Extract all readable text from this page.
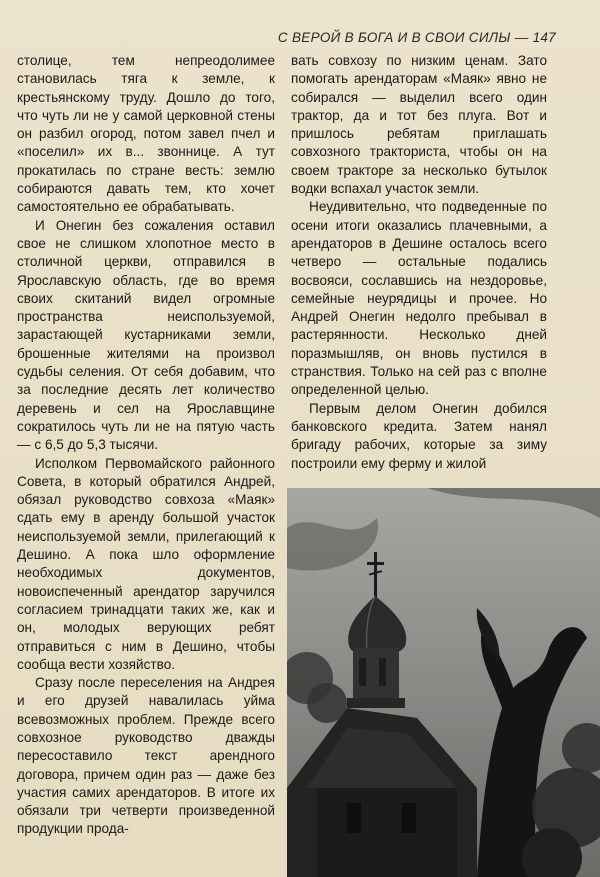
С ВЕРОЙ В БОГА И В СВОИ СИЛЫ — 147

столице, тем непреодолимее становилась тяга к земле, к крестьянскому труду. Дошло до того, что чуть ли не у самой церковной стены он разбил огород, потом завел пчел и «поселил» их в... звоннице. А тут прокатилась по стране весть: землю собираются давать тем, кто хочет самостоятельно ее обрабатывать.

И Онегин без сожаления оставил свое не слишком хлопотное место в столичной церкви, отправился в Ярославскую область, где во время своих скитаний видел огромные пространства неиспользуемой, зарастающей кустарниками земли, брошенные жителями на произвол судьбы селения. От себя добавим, что за последние десять лет количество деревень и сел на Ярославщине сократилось чуть ли не на пятую часть — с 6,5 до 5,3 тысячи.

Исполком Первомайского районного Совета, в который обратился Андрей, обязал руководство совхоза «Маяк» сдать ему в аренду большой участок неиспользуемой земли, прилегающий к Дешино. А пока шло оформление необходимых документов, новоиспеченный арендатор заручился согласием тринадцати таких же, как и он, молодых верующих ребят отправиться с ним в Дешино, чтобы сообща вести хозяйство.

Сразу после переселения на Андрея и его друзей навалилась уйма всевозможных проблем. Прежде всего совхозное руководство дважды пересоставило текст арендного договора, причем один раз — даже без участия самих арендаторов. В итоге их обязали три четверти произведенной продукции прода-

вать совхозу по низким ценам. Зато помогать арендаторам «Маяк» явно не собирался — выделил всего один трактор, да и тот без плуга. Вот и пришлось ребятам приглашать совхозного тракториста, чтобы он на своем тракторе за несколько бутылок водки вспахал участок земли.

Неудивительно, что подведенные по осени итоги оказались плачевными, а арендаторов в Дешине осталось всего четверо — остальные подались восвояси, сославшись на нездоровье, семейные неурядицы и прочее. Но Андрей Онегин недолго пребывал в растерянности. Несколько дней поразмышляв, он вновь пустился в странствия. Только на сей раз с вполне определенной целью.

Первым делом Онегин добился банковского кредита. Затем нанял бригаду рабочих, которые за зиму построили ему ферму и жилой
